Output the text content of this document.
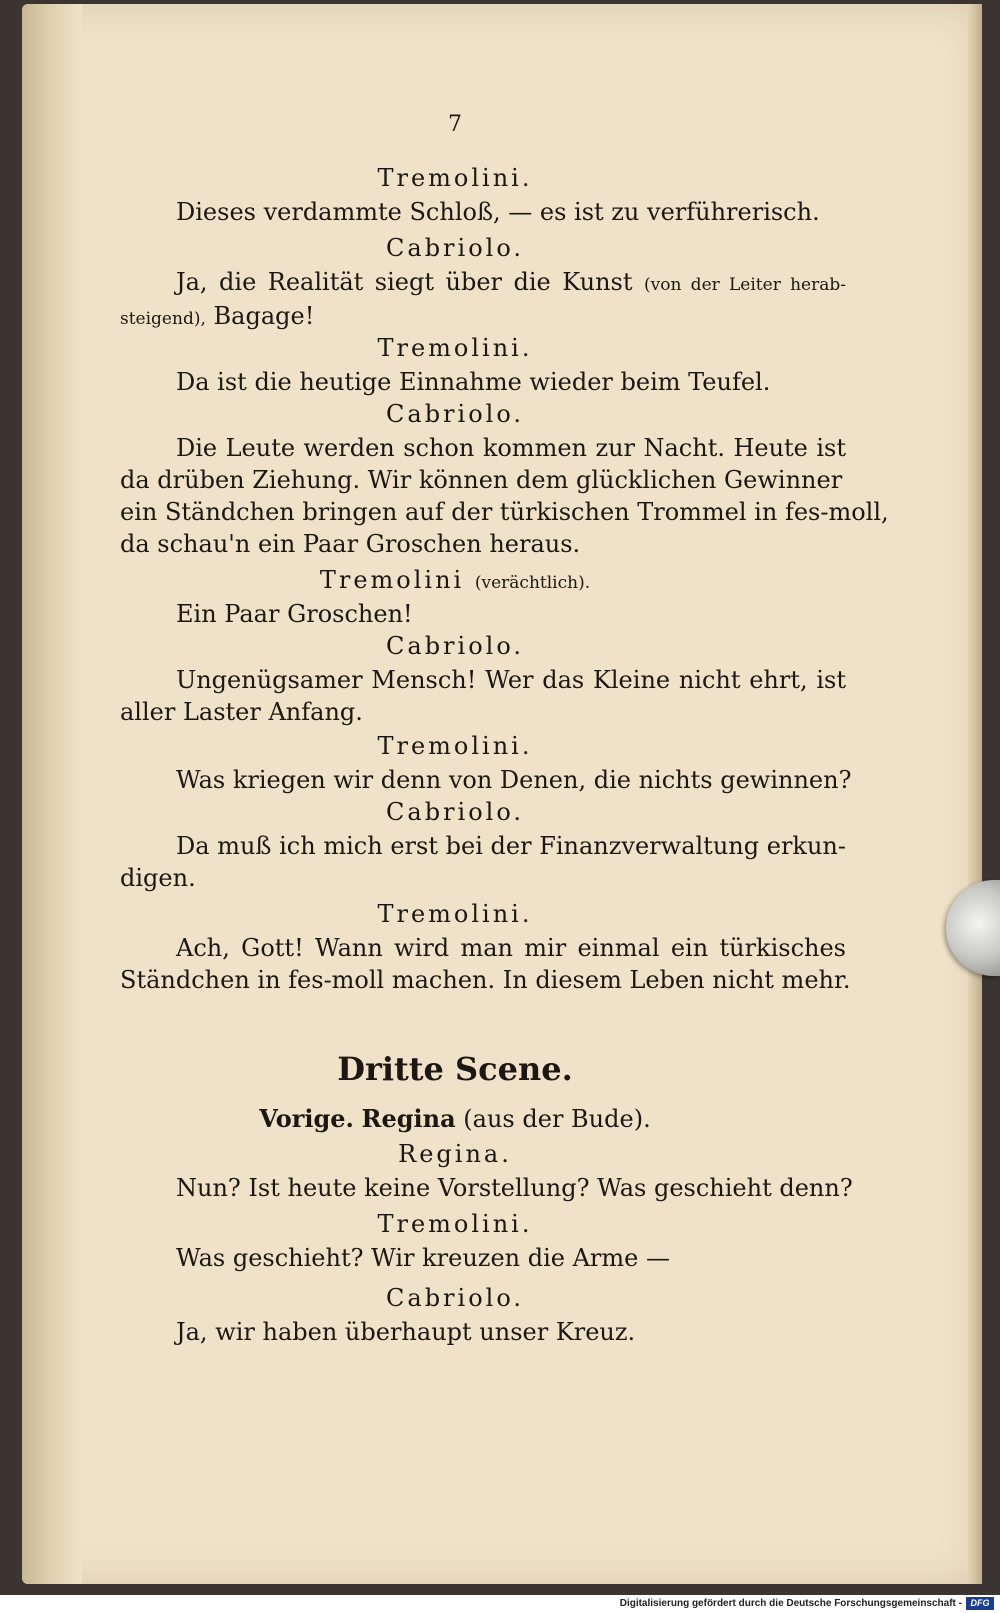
7
Tremolini.
Dieses verdammte Schloß, — es ist zu verführerisch.
Cabriolo.
Ja, die Realität siegt über die Kunst (von der Leiter herab-
steigend), Bagage!
Tremolini.
Da ist die heutige Einnahme wieder beim Teufel.
Cabriolo.
Die Leute werden schon kommen zur Nacht. Heute ist
da drüben Ziehung. Wir können dem glücklichen Gewinner
ein Ständchen bringen auf der türkischen Trommel in fes-moll,
da schau'n ein Paar Groschen heraus.
Tremolini (verächtlich).
Ein Paar Groschen!
Cabriolo.
Ungenügsamer Mensch! Wer das Kleine nicht ehrt, ist
aller Laster Anfang.
Tremolini.
Was kriegen wir denn von Denen, die nichts gewinnen?
Cabriolo.
Da muß ich mich erst bei der Finanzverwaltung erkun-
digen.
Tremolini.
Ach, Gott! Wann wird man mir einmal ein türkisches
Ständchen in fes-moll machen. In diesem Leben nicht mehr.
Dritte Scene.
Vorige. Regina (aus der Bude).
Regina.
Nun? Ist heute keine Vorstellung? Was geschieht denn?
Tremolini.
Was geschieht? Wir kreuzen die Arme —
Cabriolo.
Ja, wir haben überhaupt unser Kreuz.
Digitalisierung gefördert durch die Deutsche Forschungsgemeinschaft - DFG
